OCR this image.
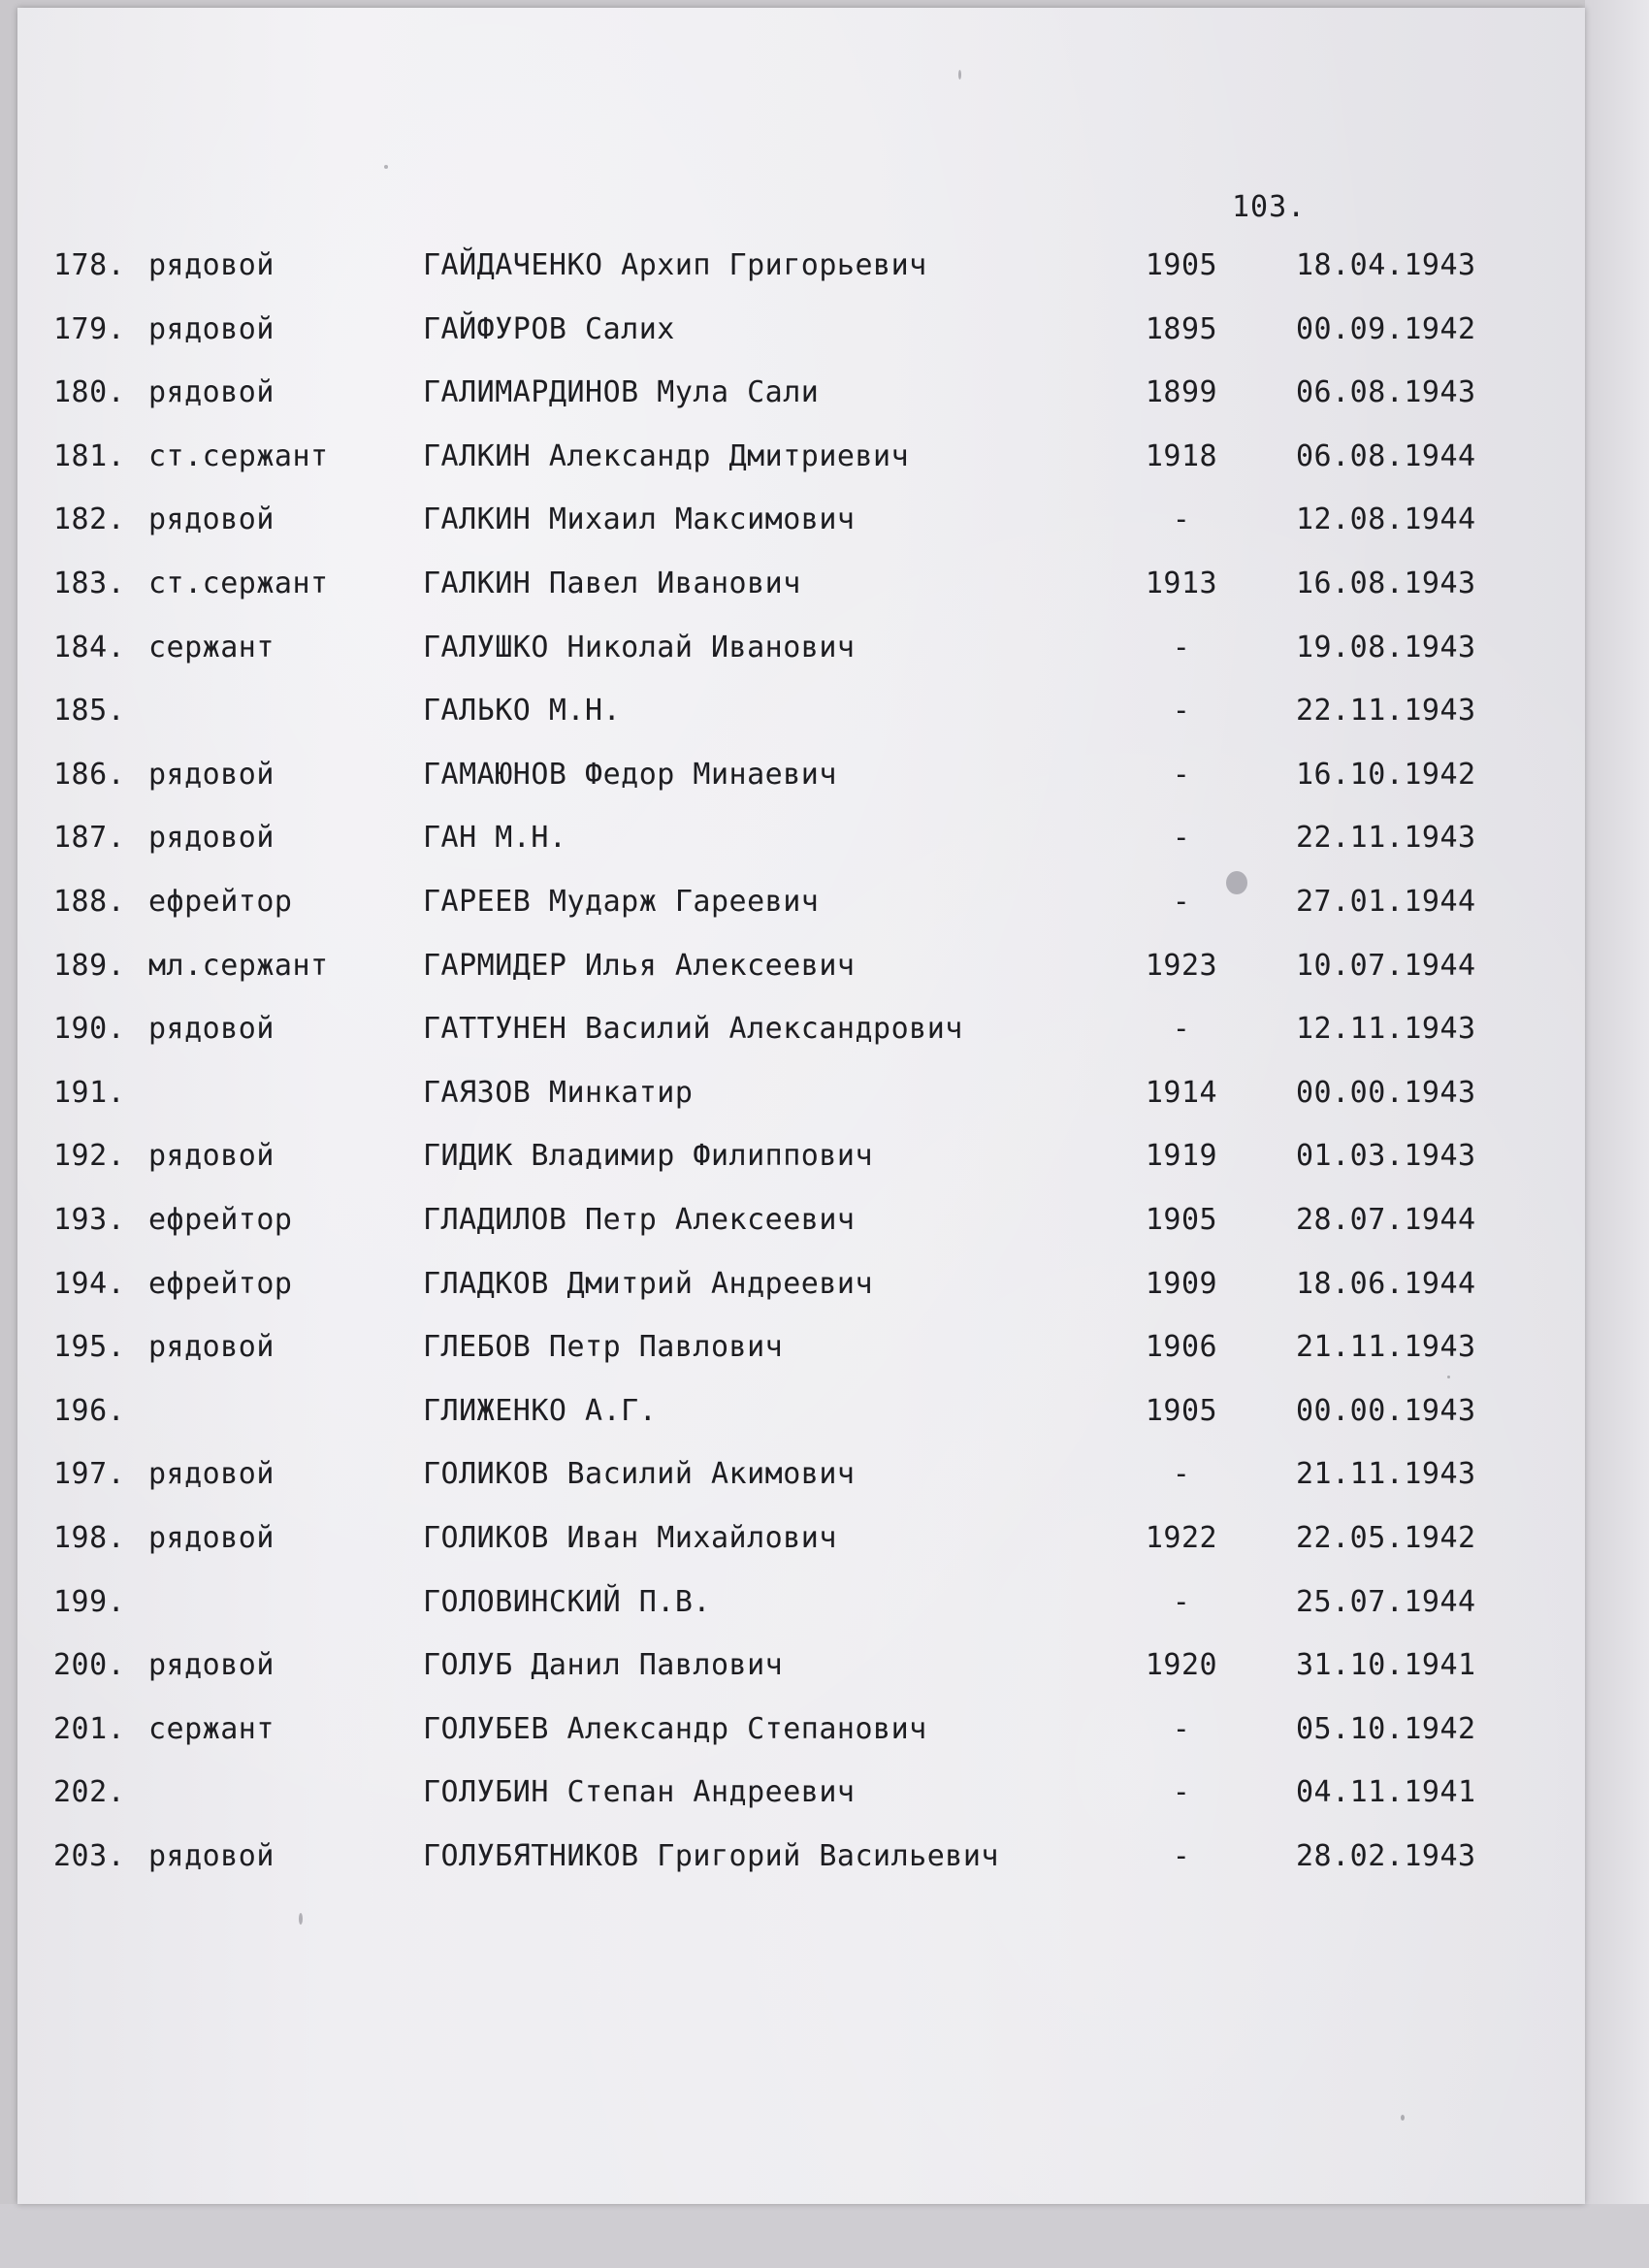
103.
178. рядовой	ГАЙДАЧЕНКО Архип Григорьевич	1905	18.04.1943
179. рядовой	ГАЙФУРОВ Салих	1895	00.09.1942
180. рядовой	ГАЛИМАРДИНОВ Мула Сали	1899	06.08.1943
181. ст.сержант	ГАЛКИН Александр Дмитриевич	1918	06.08.1944
182. рядовой	ГАЛКИН Михаил Максимович	-	12.08.1944
183. ст.сержант	ГАЛКИН Павел Иванович	1913	16.08.1943
184. сержант	ГАЛУШКО Николай Иванович	-	19.08.1943
185.	ГАЛЬКО М.Н.	-	22.11.1943
186. рядовой	ГАМАЮНОВ Федор Минаевич	-	16.10.1942
187. рядовой	ГАН М.Н.	-	22.11.1943
188. ефрейтор	ГАРЕЕВ Мударж Гареевич	-	27.01.1944
189. мл.сержант	ГАРМИДЕР Илья Алексеевич	1923	10.07.1944
190. рядовой	ГАТТУНЕН Василий Александрович	-	12.11.1943
191.	ГАЯЗОВ Минкатир	1914	00.00.1943
192. рядовой	ГИДИК Владимир Филиппович	1919	01.03.1943
193. ефрейтор	ГЛАДИЛОВ Петр Алексеевич	1905	28.07.1944
194. ефрейтор	ГЛАДКОВ Дмитрий Андреевич	1909	18.06.1944
195. рядовой	ГЛЕБОВ Петр Павлович	1906	21.11.1943
196.	ГЛИЖЕНКО А.Г.	1905	00.00.1943
197. рядовой	ГОЛИКОВ Василий Акимович	-	21.11.1943
198. рядовой	ГОЛИКОВ Иван Михайлович	1922	22.05.1942
199.	ГОЛОВИНСКИЙ П.В.	-	25.07.1944
200. рядовой	ГОЛУБ Данил Павлович	1920	31.10.1941
201. сержант	ГОЛУБЕВ Александр Степанович	-	05.10.1942
202.	ГОЛУБИН Степан Андреевич	-	04.11.1941
203. рядовой	ГОЛУБЯТНИКОВ Григорий Васильевич	-	28.02.1943
